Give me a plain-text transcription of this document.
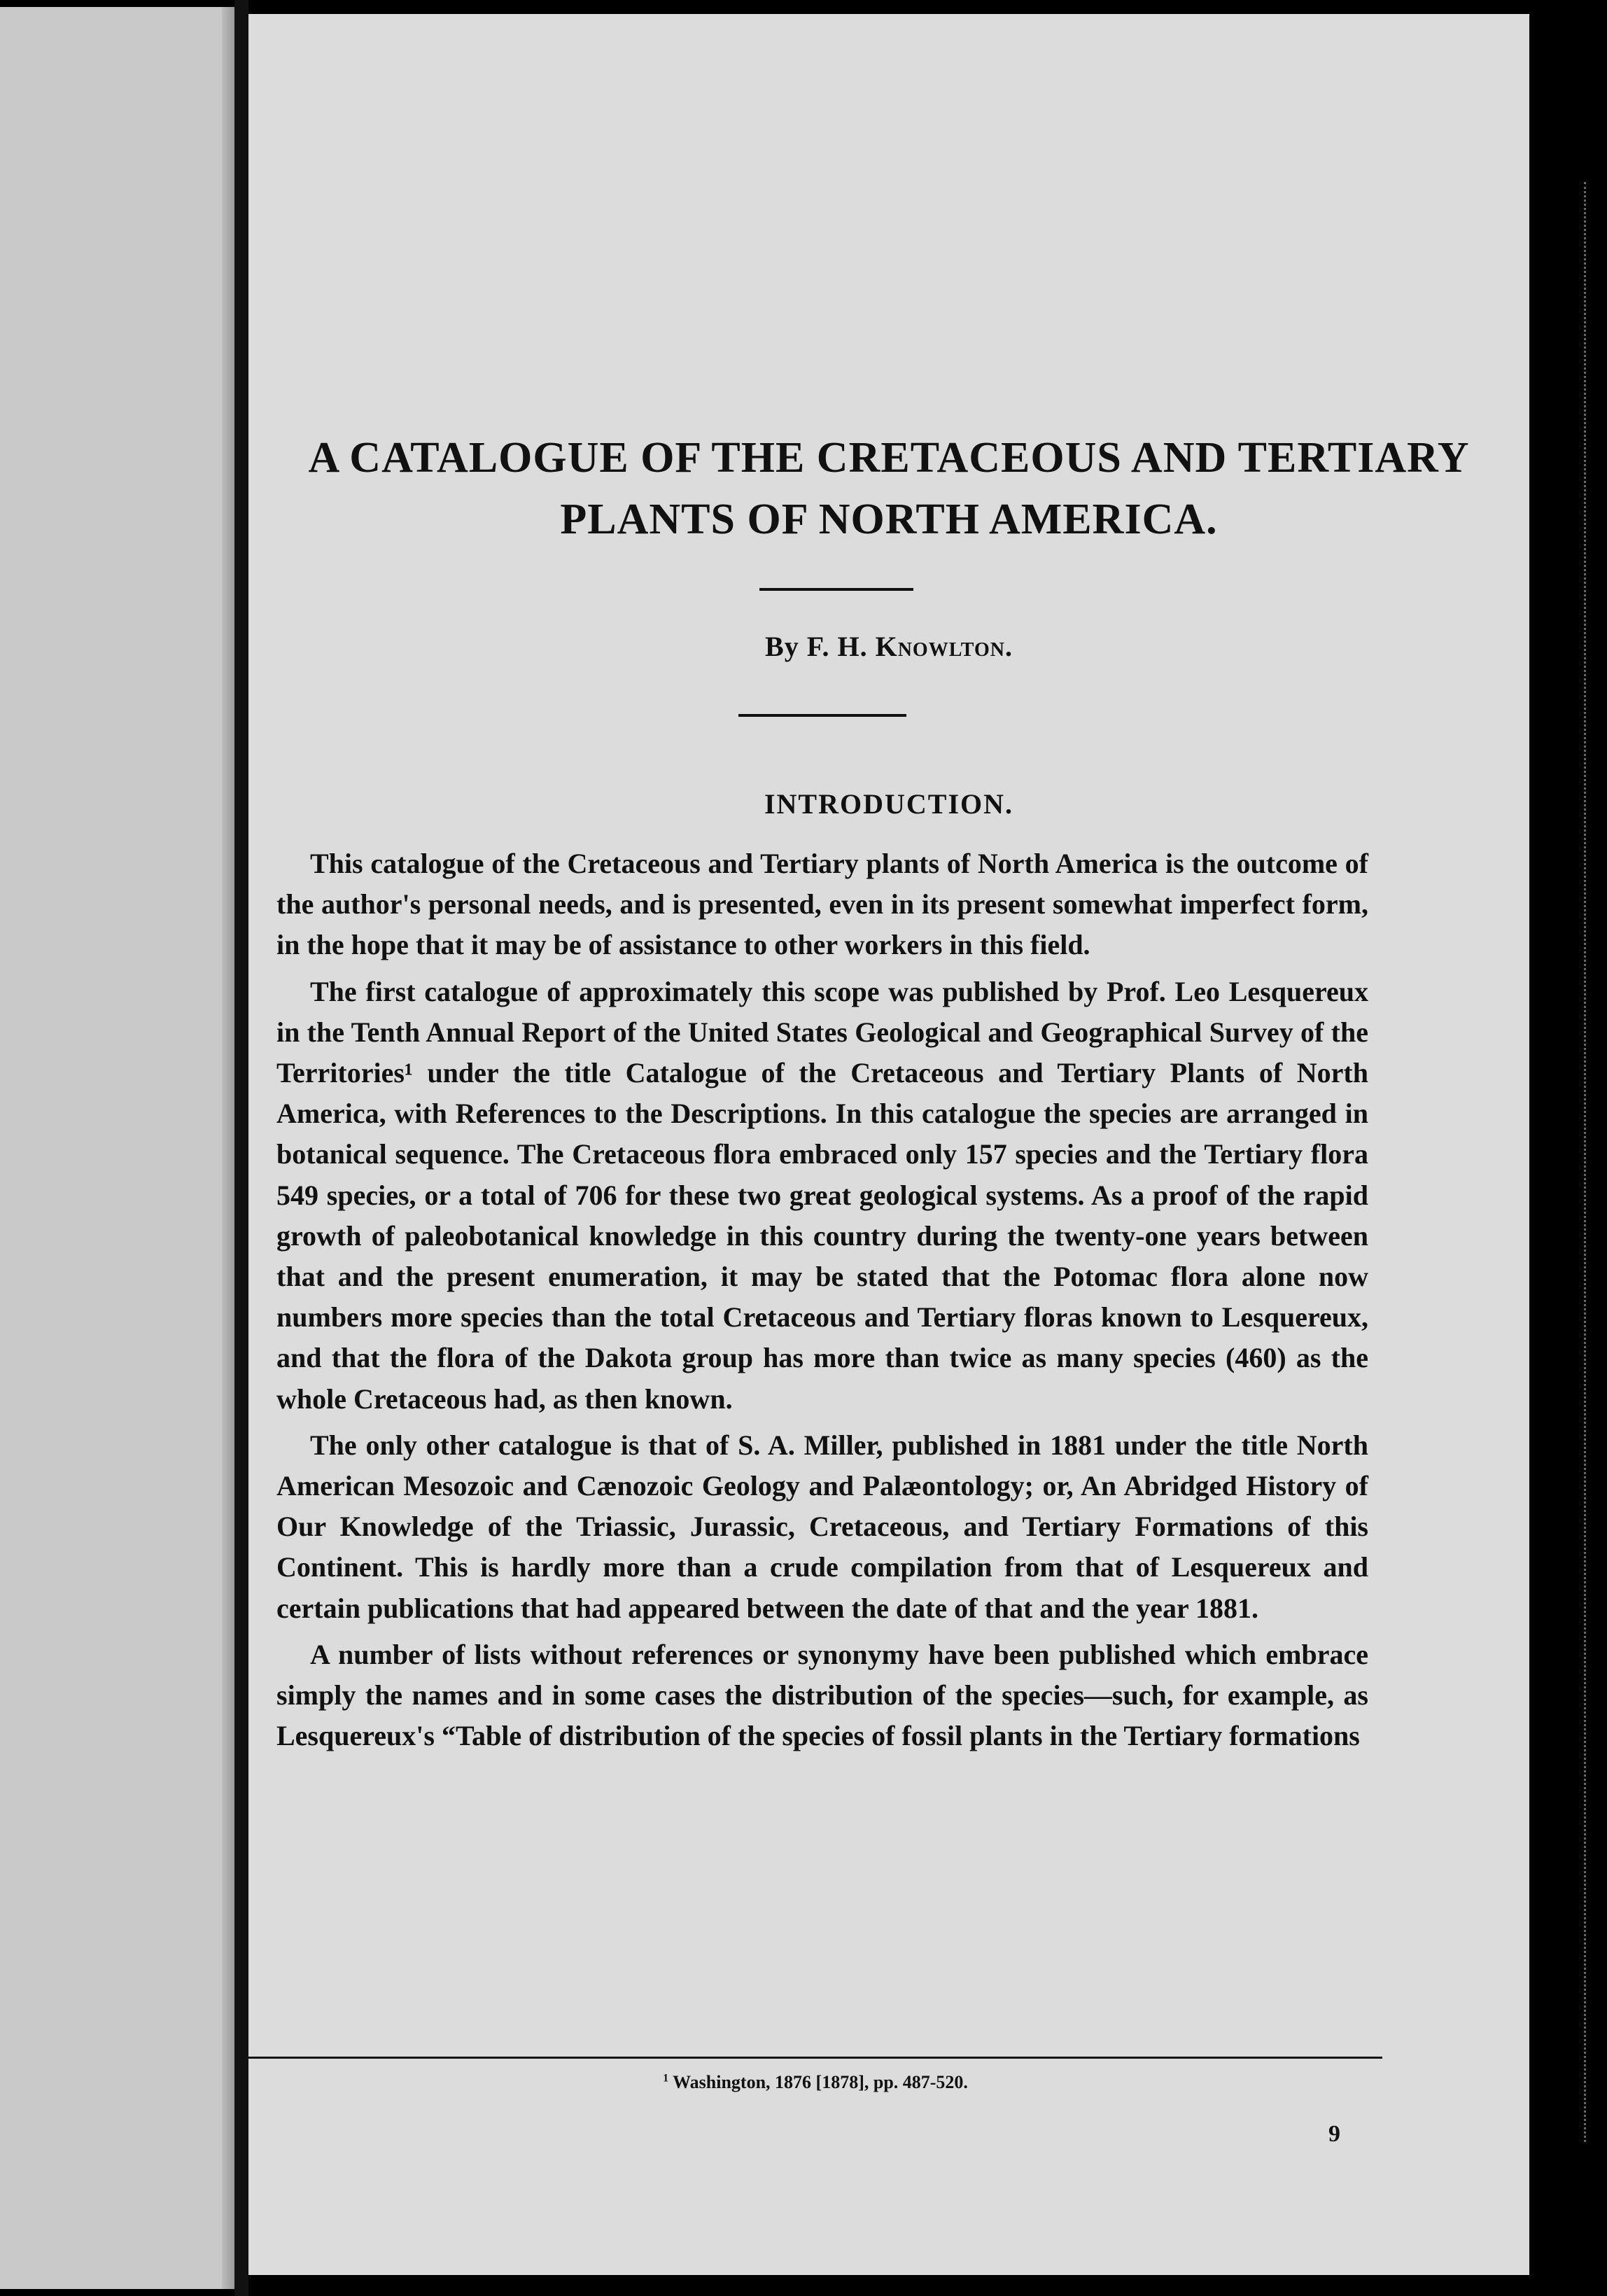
A CATALOGUE OF THE CRETACEOUS AND TERTIARY PLANTS OF NORTH AMERICA.
By F. H. Knowlton.
INTRODUCTION.

This catalogue of the Cretaceous and Tertiary plants of North America is the outcome of the author's personal needs, and is presented, even in its present somewhat imperfect form, in the hope that it may be of assistance to other workers in this field.

The first catalogue of approximately this scope was published by Prof. Leo Lesquereux in the Tenth Annual Report of the United States Geological and Geographical Survey of the Territories¹ under the title Catalogue of the Cretaceous and Tertiary Plants of North America, with References to the Descriptions. In this catalogue the species are arranged in botanical sequence. The Cretaceous flora embraced only 157 species and the Tertiary flora 549 species, or a total of 706 for these two great geological systems. As a proof of the rapid growth of paleobotanical knowledge in this country during the twenty-one years between that and the present enumeration, it may be stated that the Potomac flora alone now numbers more species than the total Cretaceous and Tertiary floras known to Lesquereux, and that the flora of the Dakota group has more than twice as many species (460) as the whole Cretaceous had, as then known.

The only other catalogue is that of S. A. Miller, published in 1881 under the title North American Mesozoic and Cænozoic Geology and Palæontology; or, An Abridged History of Our Knowledge of the Triassic, Jurassic, Cretaceous, and Tertiary Formations of this Continent. This is hardly more than a crude compilation from that of Lesquereux and certain publications that had appeared between the date of that and the year 1881.

A number of lists without references or synonymy have been published which embrace simply the names and in some cases the distribution of the species—such, for example, as Lesquereux's “Table of distribution of the species of fossil plants in the Tertiary formations

$^1$ Washington, 1876 [1878], pp. 487-520.
9
